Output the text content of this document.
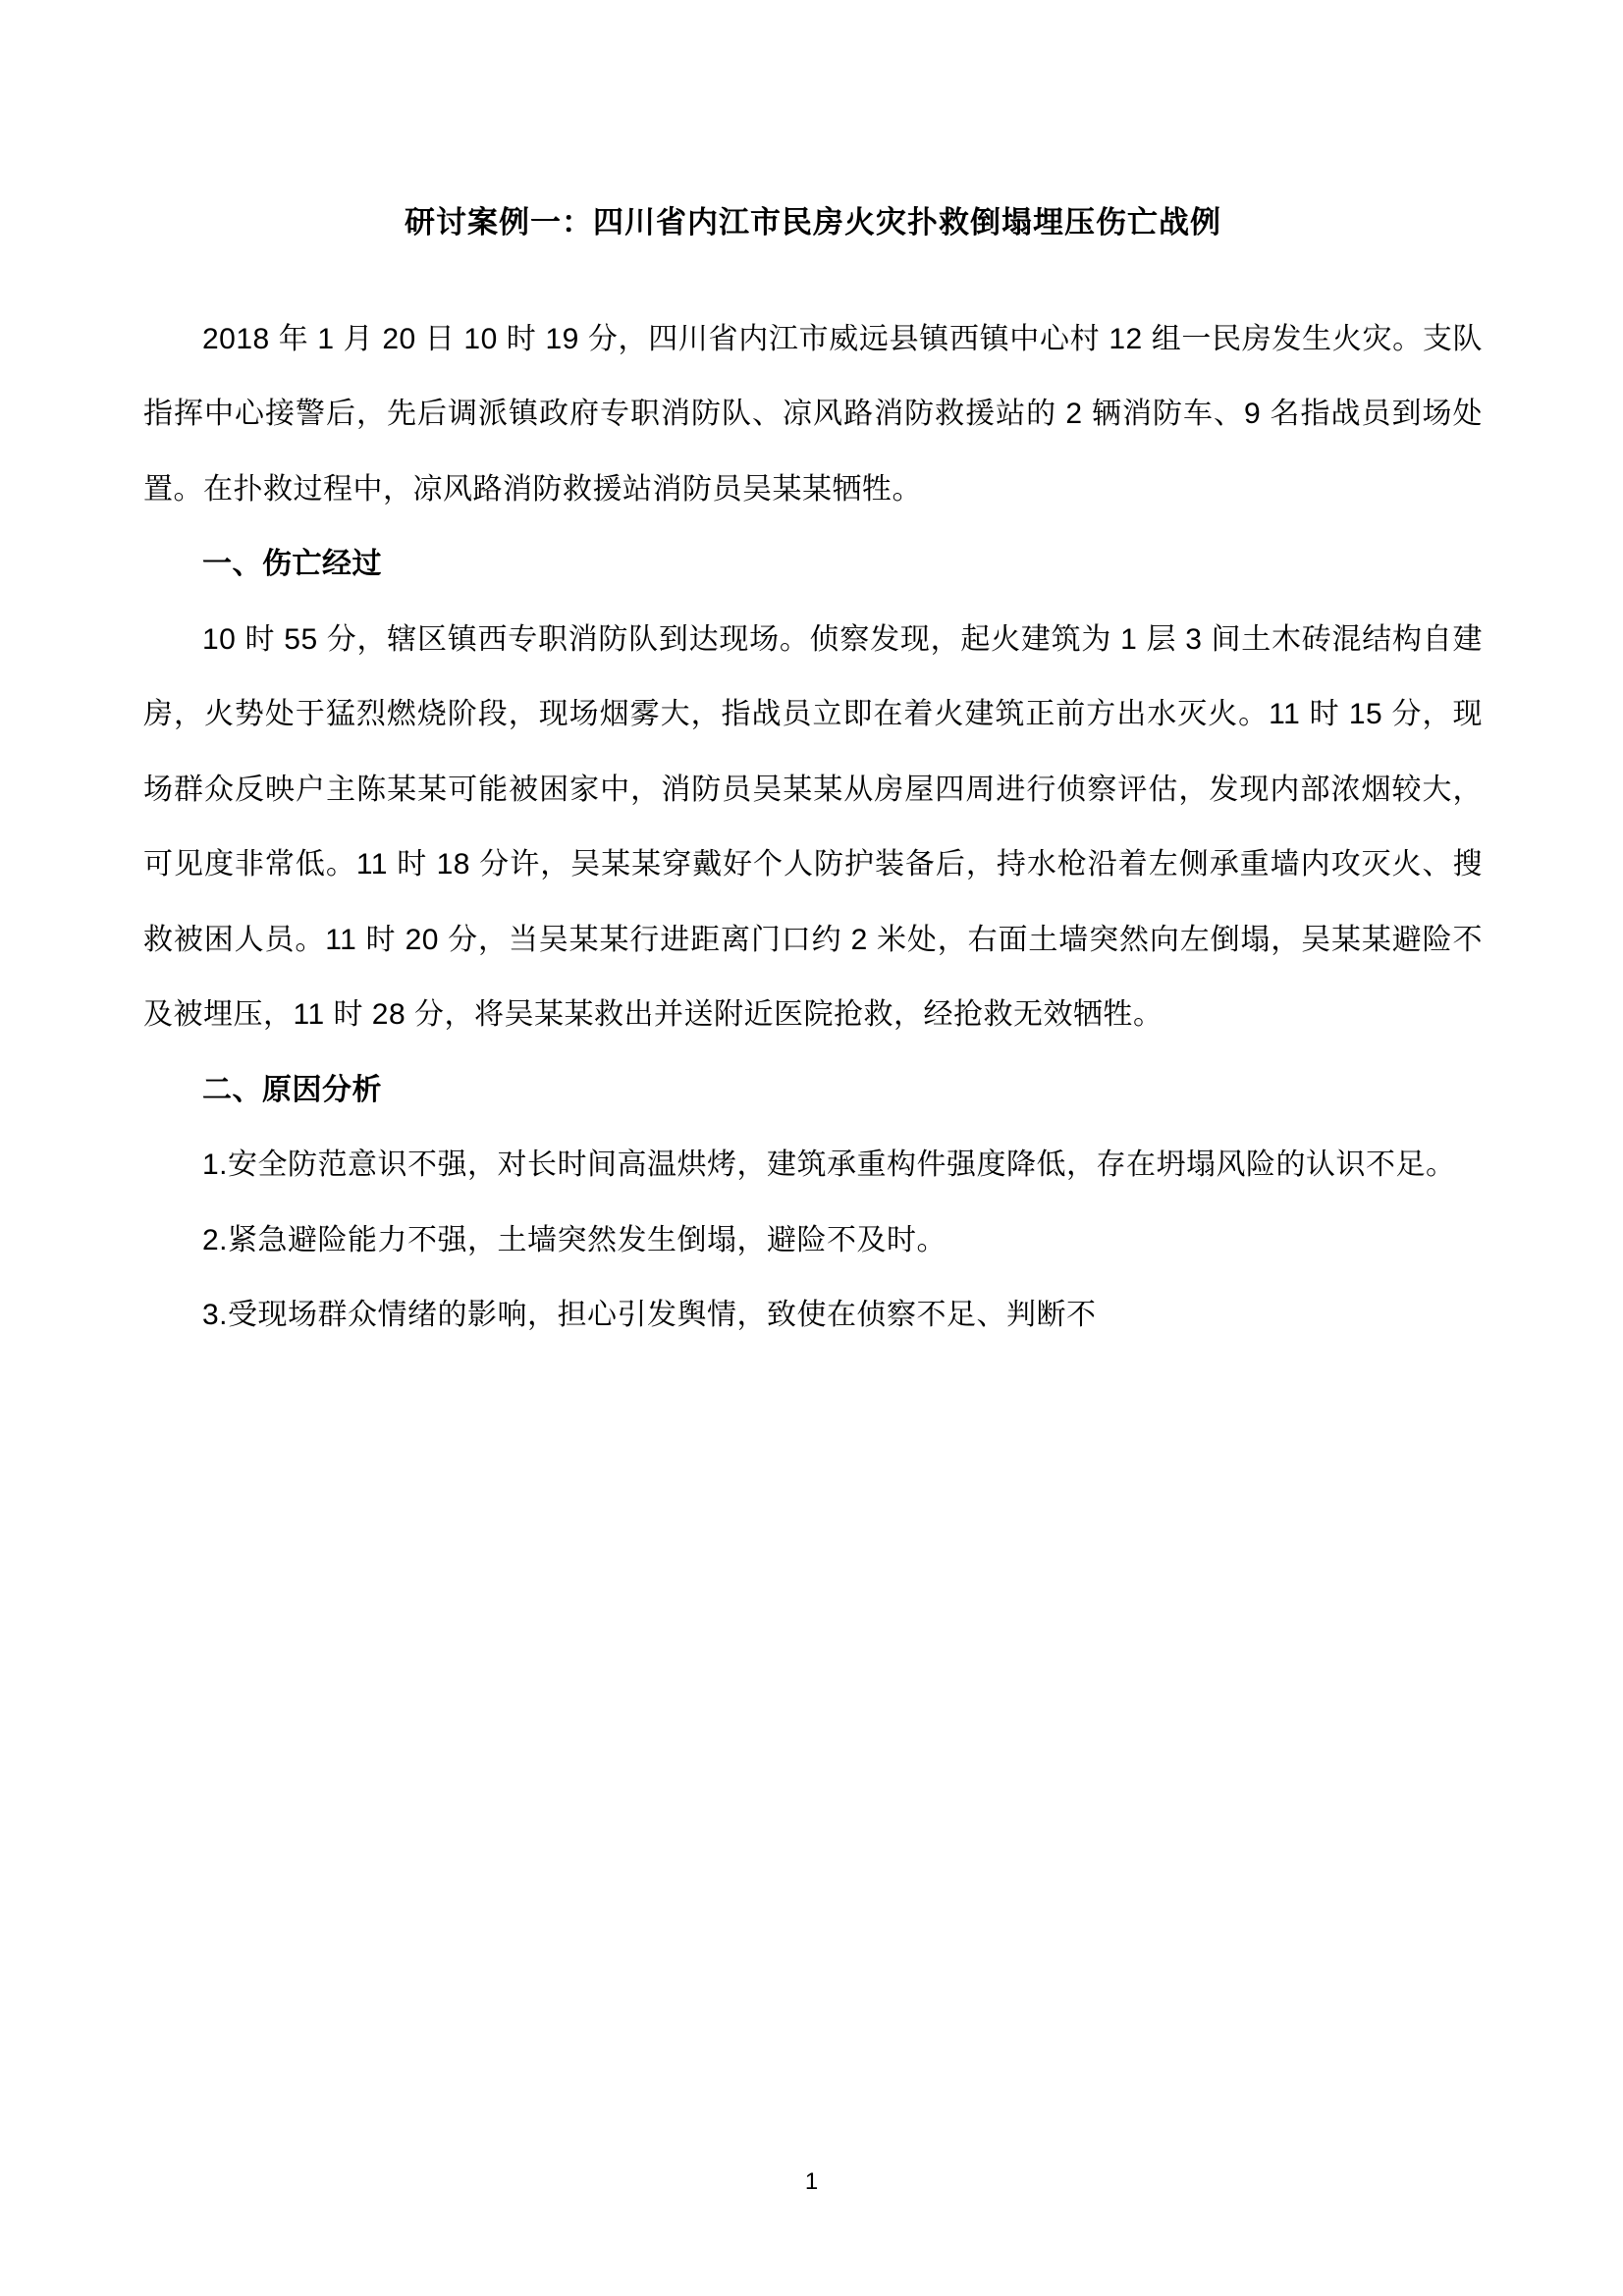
研讨案例一：四川省内江市民房火灾扑救倒塌埋压伤亡战例

2018 年 1 月 20 日 10 时 19 分，四川省内江市威远县镇西镇中心村 12 组一民房发生火灾。支队指挥中心接警后，先后调派镇政府专职消防队、凉风路消防救援站的 2 辆消防车、9 名指战员到场处置。在扑救过程中，凉风路消防救援站消防员吴某某牺牲。

一、伤亡经过

10 时 55 分，辖区镇西专职消防队到达现场。侦察发现，起火建筑为 1 层 3 间土木砖混结构自建房，火势处于猛烈燃烧阶段，现场烟雾大，指战员立即在着火建筑正前方出水灭火。11 时 15 分，现场群众反映户主陈某某可能被困家中，消防员吴某某从房屋四周进行侦察评估，发现内部浓烟较大，可见度非常低。11 时 18 分许，吴某某穿戴好个人防护装备后，持水枪沿着左侧承重墙内攻灭火、搜救被困人员。11 时 20 分，当吴某某行进距离门口约 2 米处，右面土墙突然向左倒塌，吴某某避险不及被埋压，11 时 28 分，将吴某某救出并送附近医院抢救，经抢救无效牺牲。

二、原因分析

1.安全防范意识不强，对长时间高温烘烤，建筑承重构件强度降低，存在坍塌风险的认识不足。

2.紧急避险能力不强，土墙突然发生倒塌，避险不及时。

3.受现场群众情绪的影响，担心引发舆情，致使在侦察不足、判断不

1
